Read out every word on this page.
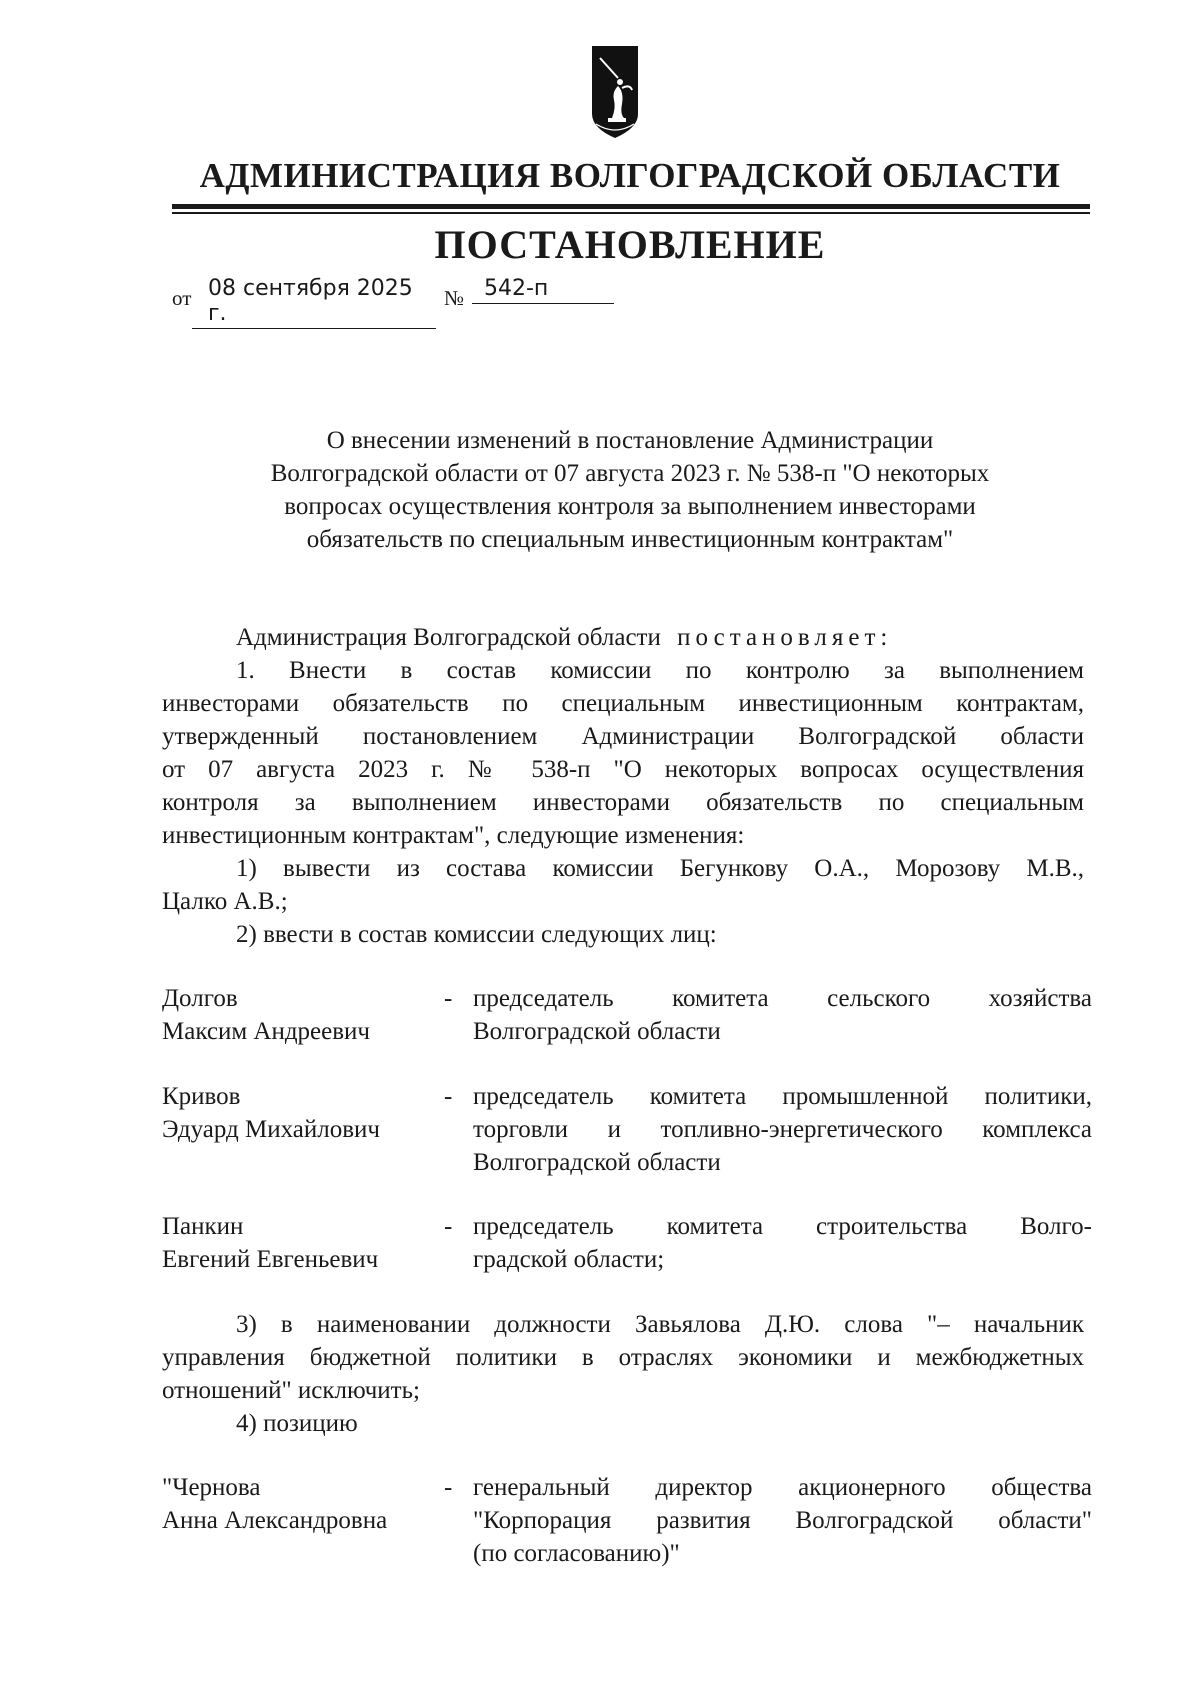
АДМИНИСТРАЦИЯ ВОЛГОГРАДСКОЙ ОБЛАСТИ
ПОСТАНОВЛЕНИЕ
от 08 сентября 2025 г.
№ 542-п
О внесении изменений в постановление Администрации
Волгоградской области от 07 августа 2023 г. № 538-п "О некоторых
вопросах осуществления контроля за выполнением инвесторами
обязательств по специальным инвестиционным контрактам"
Администрация Волгоградской области постановляет:
1. Внести в состав комиссии по контролю за выполнением
инвесторами обязательств по специальным инвестиционным контрактам,
утвержденный постановлением Администрации Волгоградской области
от 07 августа 2023 г. № 538-п "О некоторых вопросах осуществления
контроля за выполнением инвесторами обязательств по специальным
инвестиционным контрактам", следующие изменения:
1) вывести из состава комиссии Бегункову О.А., Морозову М.В.,
Цалко А.В.;
2) ввести в состав комиссии следующих лиц:
Долгов
Максим Андреевич
- председатель комитета сельского хозяйства
Волгоградской области
Кривов
Эдуард Михайлович
- председатель комитета промышленной политики,
торговли и топливно-энергетического комплекса
Волгоградской области
Панкин
Евгений Евгеньевич
- председатель комитета строительства Волго-
градской области;
3) в наименовании должности Завьялова Д.Ю. слова "– начальник
управления бюджетной политики в отраслях экономики и межбюджетных
отношений" исключить;
4) позицию
"Чернова
Анна Александровна
- генеральный директор акционерного общества
"Корпорация развития Волгоградской области"
(по согласованию)"
